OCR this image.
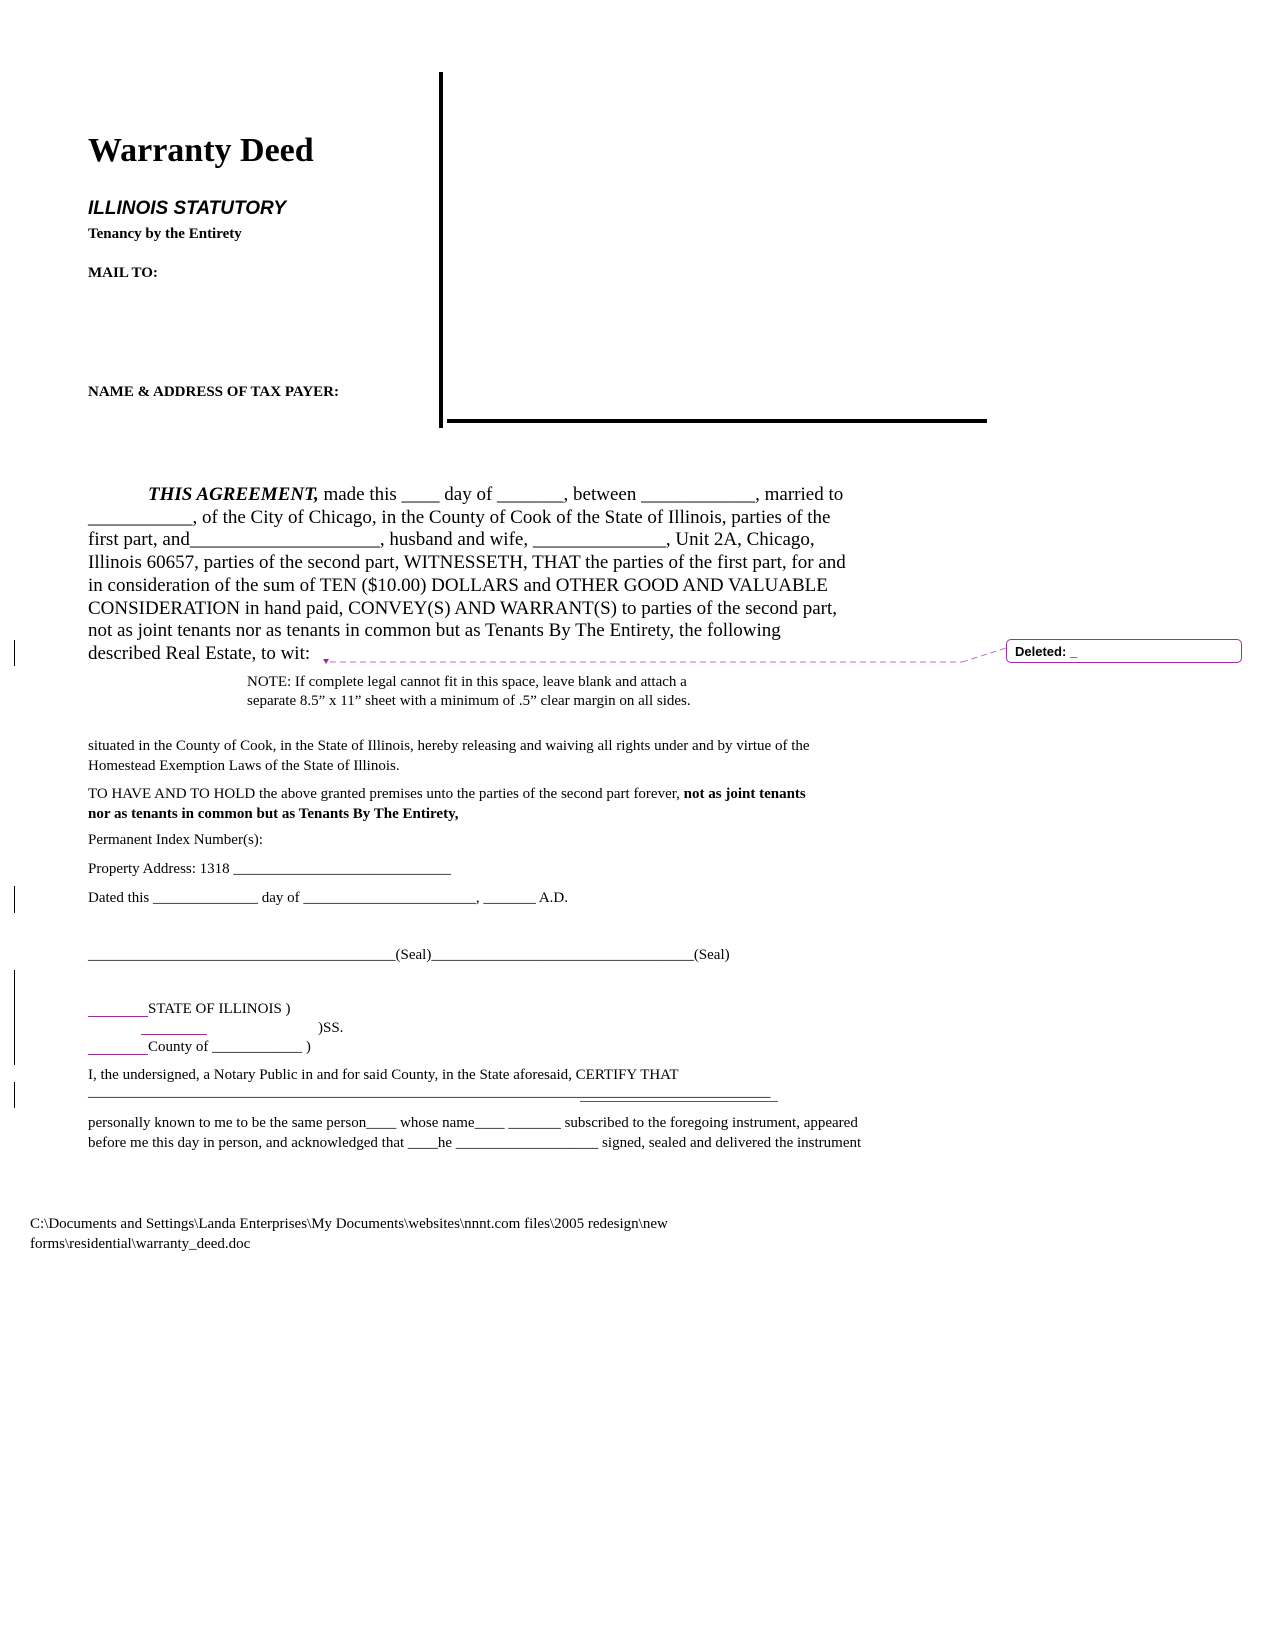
Warranty Deed
ILLINOIS STATUTORY
Tenancy by the Entirety
MAIL TO:
NAME & ADDRESS OF TAX PAYER:

THIS AGREEMENT, made this ____ day of _______, between ____________, married to

___________, of the City of Chicago, in the County of Cook of the State of Illinois, parties of the

first part, and____________________, husband and wife, ______________, Unit 2A, Chicago,

Illinois 60657, parties of the second part, WITNESSETH, THAT the parties of the first part, for and

in consideration of the sum of TEN ($10.00) DOLLARS and OTHER GOOD AND VALUABLE

CONSIDERATION in hand paid, CONVEY(S) AND WARRANT(S) to parties of the second part,

not as joint tenants nor as tenants in common but as Tenants By The Entirety, the following

described Real Estate, to wit:	Deleted: _
NOTE: If complete legal cannot fit in this space, leave blank and attach a
separate 8.5” x 11” sheet with a minimum of .5” clear margin on all sides.
situated in the County of Cook, in the State of Illinois, hereby releasing and waiving all rights under and by virtue of the
Homestead Exemption Laws of the State of Illinois.
TO HAVE AND TO HOLD the above granted premises unto the parties of the second part forever, not as joint tenants
nor as tenants in common but as Tenants By The Entirety,
Permanent Index Number(s):
Property Address: 1318 _____________________________
Dated this ______________ day of _______________________, _______ A.D.
_________________________________________(Seal)___________________________________(Seal)
STATE OF ILLINOIS )
)SS.
County of ____________ )
I, the undersigned, a Notary Public in and for said County, in the State aforesaid, CERTIFY THAT
___________________________________________________________________________________________
personally known to me to be the same person____ whose name____ _______ subscribed to the foregoing instrument, appeared
before me this day in person, and acknowledged that ____he ___________________ signed, sealed and delivered the instrument
C:\Documents and Settings\Landa Enterprises\My Documents\websites\nnnt.com files\2005 redesign\new
forms\residential\warranty_deed.doc
